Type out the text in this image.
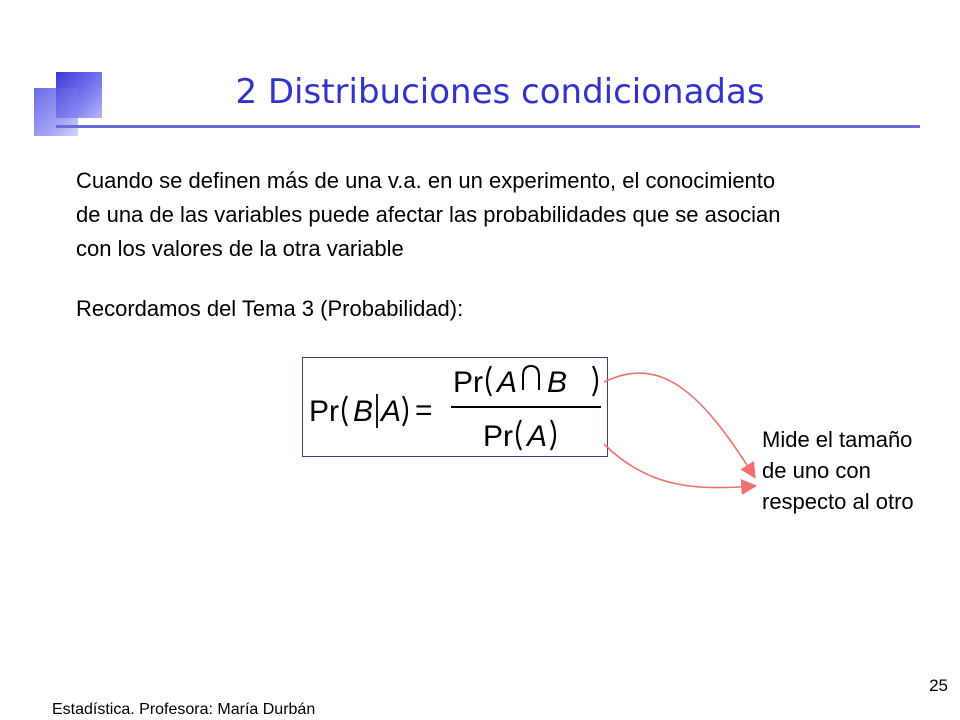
2 Distribuciones condicionadas
Cuando se definen más de una v.a. en un experimento, el conocimiento
de una de las variables puede afectar las probabilidades que se asocian
con los valores de la otra variable
Recordamos del Tema 3 (Probabilidad):
Pr B A =
Pr A B
Pr A	Mide el tamaño
de uno con
respecto al otro
Estadística. Profesora: María Durbán
25
